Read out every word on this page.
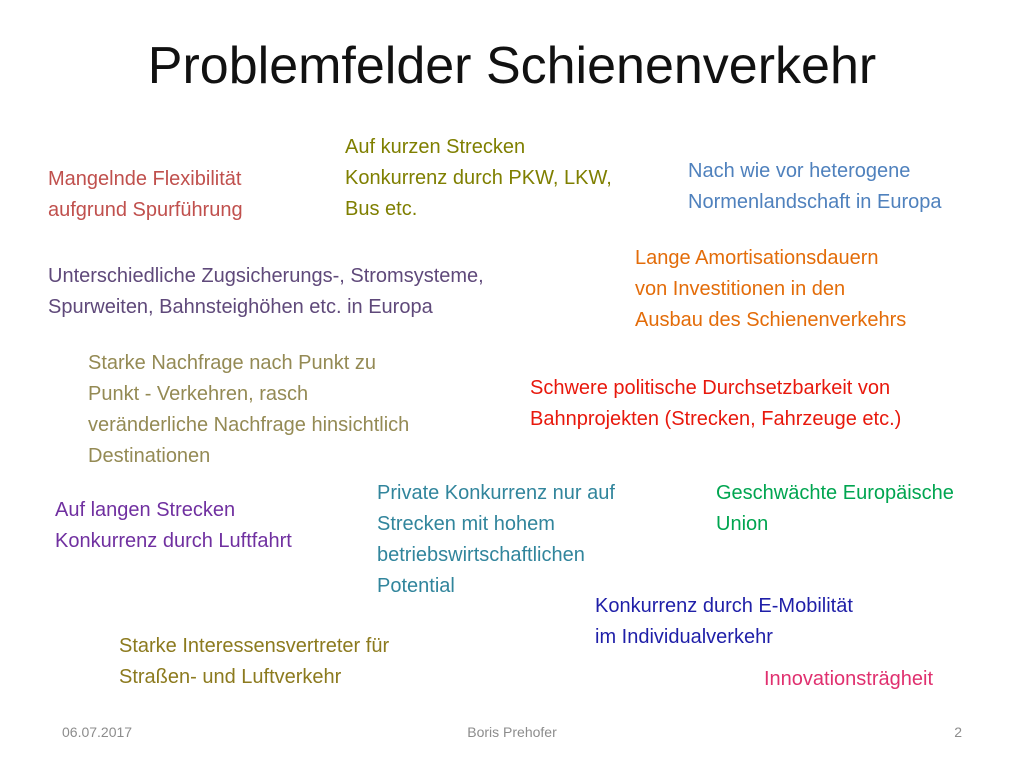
Problemfelder Schienenverkehr
Mangelnde Flexibilität
aufgrund Spurführung
Auf kurzen Strecken
Konkurrenz durch PKW, LKW,
Bus etc.
Nach wie vor heterogene
Normenlandschaft in Europa
Unterschiedliche Zugsicherungs-, Stromsysteme,
Spurweiten, Bahnsteighöhen etc. in Europa
Lange Amortisationsdauern
von Investitionen in den
Ausbau des Schienenverkehrs
Starke Nachfrage nach Punkt zu
Punkt - Verkehren, rasch
veränderliche Nachfrage hinsichtlich
Destinationen
Schwere politische Durchsetzbarkeit von
Bahnprojekten (Strecken, Fahrzeuge etc.)
Auf langen Strecken
Konkurrenz durch Luftfahrt
Private Konkurrenz nur auf
Strecken mit hohem
betriebswirtschaftlichen
Potential
Geschwächte Europäische
Union
Konkurrenz durch E-Mobilität
im Individualverkehr
Starke Interessensvertreter für
Straßen- und Luftverkehr	Innovationsträgheit
06.07.2017	Boris Prehofer	2
